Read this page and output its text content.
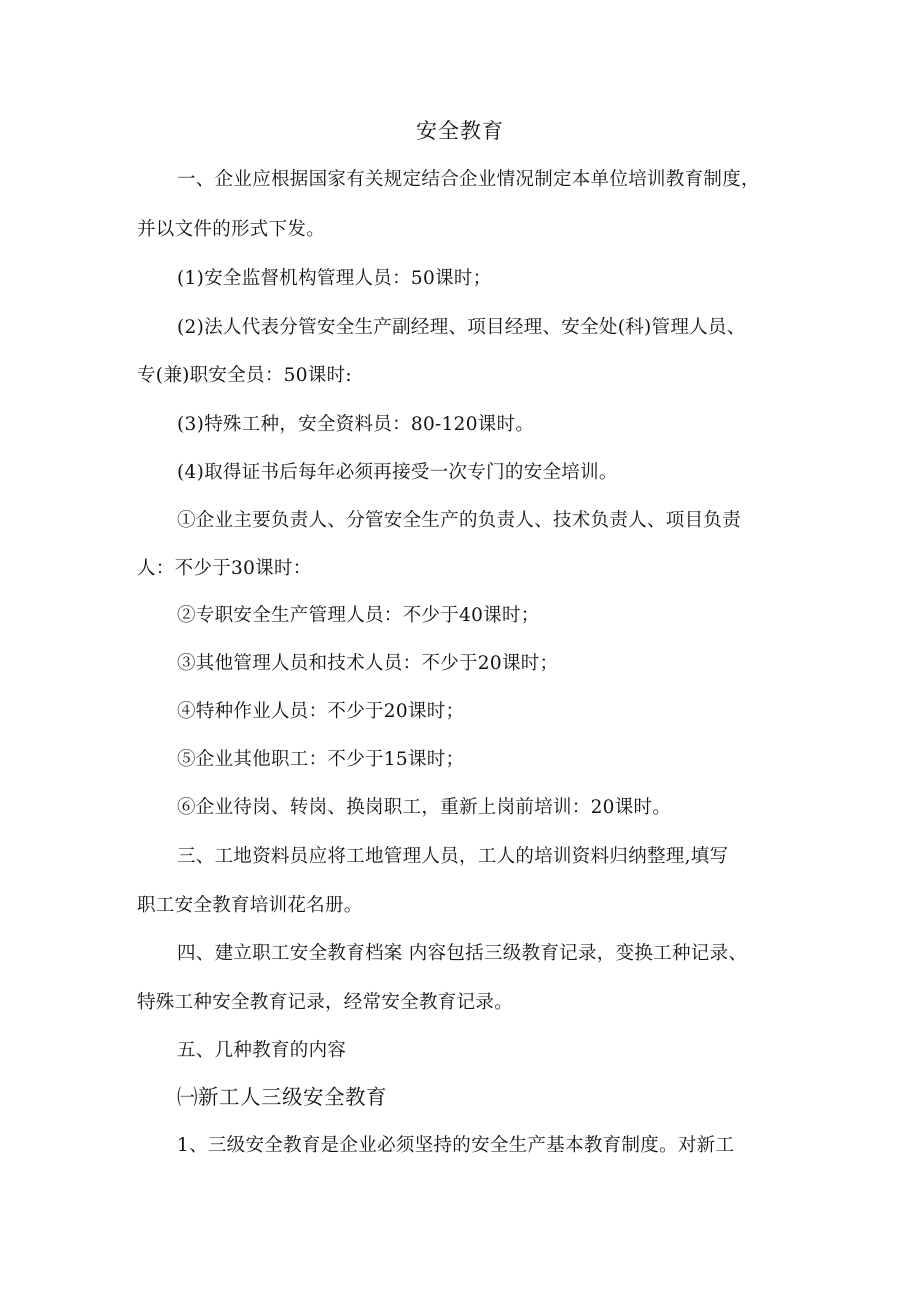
安全教育
一、企业应根据国家有关规定结合企业情况制定本单位培训教育制度，
并以文件的形式下发。
(1)安全监督机构管理人员：50课时；
(2)法人代表分管安全生产副经理、项目经理、安全处(科)管理人员、
专(兼)职安全员：50课时:
(3)特殊工种，安全资料员：80-120课时。
(4)取得证书后每年必须再接受一次专门的安全培训。
①企业主要负责人、分管安全生产的负责人、技术负责人、项目负责
人：不少于30课时：
②专职安全生产管理人员：不少于40课时；
③其他管理人员和技术人员：不少于20课时；
④特种作业人员：不少于20课时；
⑤企业其他职工：不少于15课时；
⑥企业待岗、转岗、换岗职工，重新上岗前培训：20课时。
三、工地资料员应将工地管理人员，工人的培训资料归纳整理,填写
职工安全教育培训花名册。
四、建立职工安全教育档案 内容包括三级教育记录，变换工种记录、
特殊工种安全教育记录，经常安全教育记录。
五、几种教育的内容
㈠新工人三级安全教育
1、三级安全教育是企业必须坚持的安全生产基本教育制度。对新工
